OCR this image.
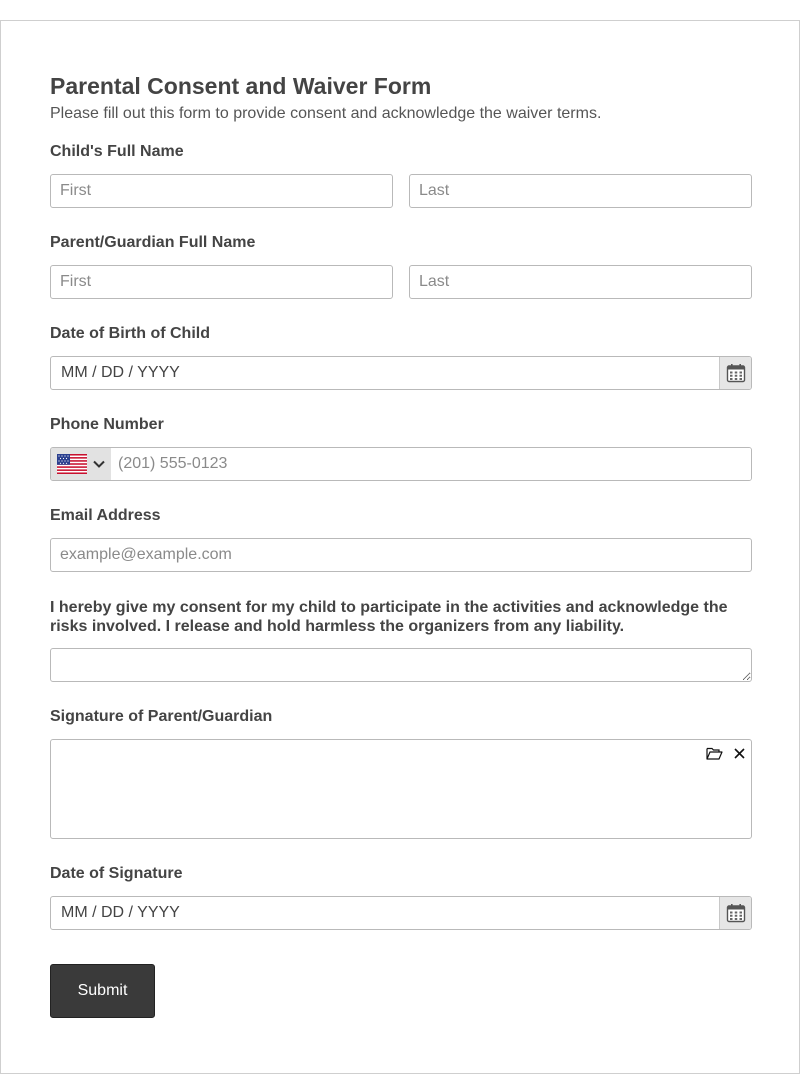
Parental Consent and Waiver Form
Please fill out this form to provide consent and acknowledge the waiver terms.
Child's Full Name
First
Last
Parent/Guardian Full Name
First
Last
Date of Birth of Child
MM / DD / YYYY
Phone Number
(201) 555-0123
Email Address
example@example.com
I hereby give my consent for my child to participate in the activities and acknowledge the risks involved. I release and hold harmless the organizers from any liability.
Signature of Parent/Guardian
Date of Signature
MM / DD / YYYY
Submit
